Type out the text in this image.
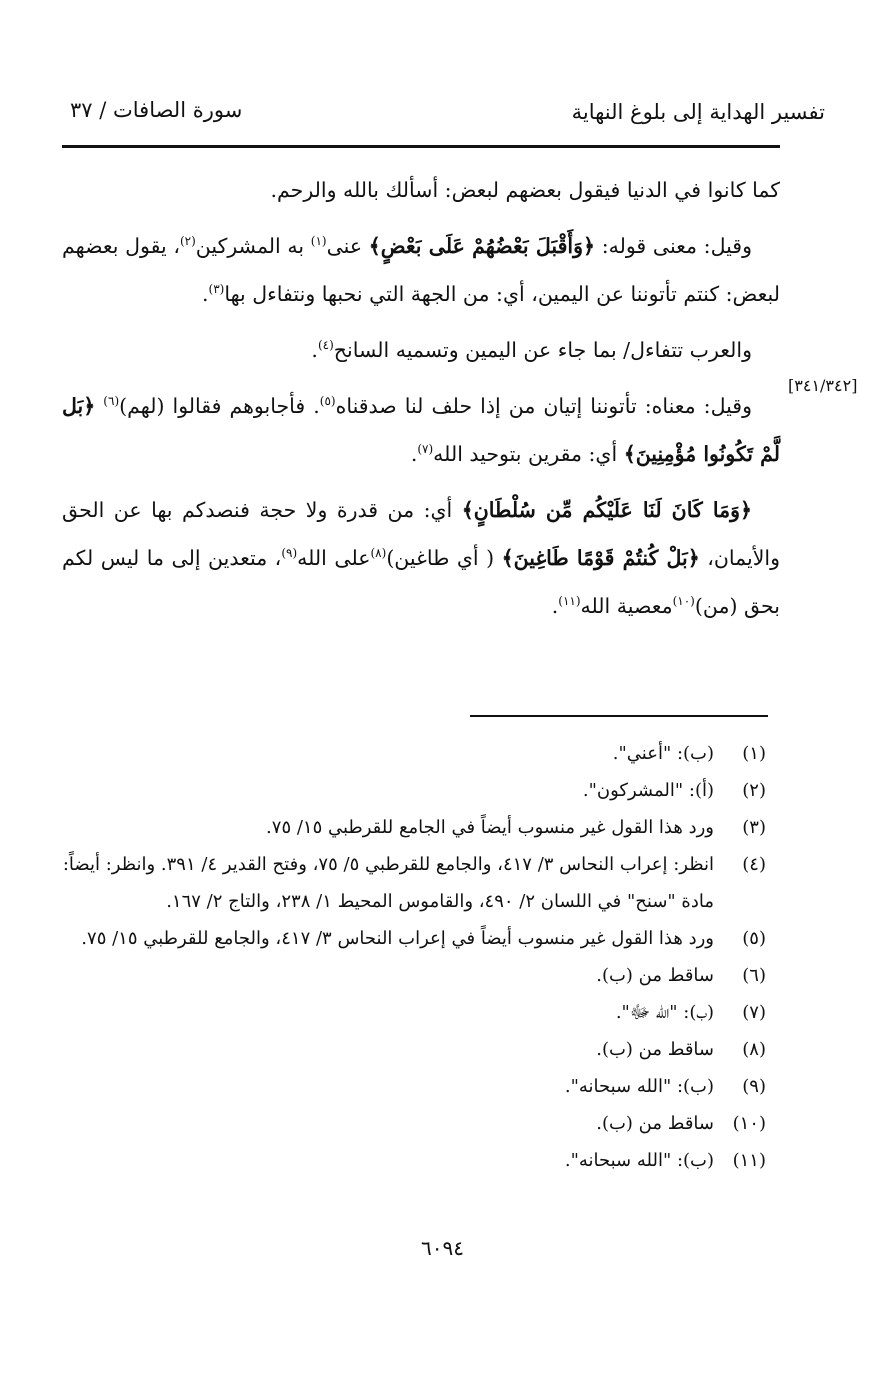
تفسير الهداية إلى بلوغ النهاية
سورة الصافات / ٣٧
[٣٤١/٣٤٢]

كما كانوا في الدنيا فيقول بعضهم لبعض: أسألك بالله والرحم.

وقيل: معنى قوله: ﴿وَأَقْبَلَ بَعْضُهُمْ عَلَى بَعْضٍ﴾ عنى$^{(١)}$ به المشركين$^{(٢)}$، يقول بعضهم لبعض: كنتم تأتوننا عن اليمين، أي: من الجهة التي نحبها ونتفاءل بها$^{(٣)}$.

والعرب تتفاءل/ بما جاء عن اليمين وتسميه السانح$^{(٤)}$.

وقيل: معناه: تأتوننا إتيان من إذا حلف لنا صدقناه$^{(٥)}$. فأجابوهم فقالوا (لهم)$^{(٦)}$ ﴿بَل لَّمْ تَكُونُوا مُؤْمِنِينَ﴾ أي: مقرين بتوحيد الله$^{(٧)}$.

﴿وَمَا كَانَ لَنَا عَلَيْكُم مِّن سُلْطَانٍ﴾ أي: من قدرة ولا حجة فنصدكم بها عن الحق والأيمان، ﴿بَلْ كُنتُمْ قَوْمًا طَاغِينَ﴾ ( أي طاغين)$^{(٨)}$على الله$^{(٩)}$، متعدين إلى ما ليس لكم بحق (من)$^{(١٠)}$معصية الله$^{(١١)}$.

(١)
(ب): "أعني".
(٢)
(أ): "المشركون".
(٣)
ورد هذا القول غير منسوب أيضاً في الجامع للقرطبي ١٥/ ٧٥.
(٤)
انظر: إعراب النحاس ٣/ ٤١٧، والجامع للقرطبي ٥/ ٧٥، وفتح القدير ٤/ ٣٩١. وانظر: أيضاً: مادة "سنح" في اللسان ٢/ ٤٩٠، والقاموس المحيط ١/ ٢٣٨، والتاج ٢/ ١٦٧.
(٥)
ورد هذا القول غير منسوب أيضاً في إعراب النحاس ٣/ ٤١٧، والجامع للقرطبي ١٥/ ٧٥.
(٦)
ساقط من (ب).
(٧)
(ب): "الله ﷻ".
(٨)
ساقط من (ب).
(٩)
(ب): "الله سبحانه".
(١٠)
ساقط من (ب).
(١١)
(ب): "الله سبحانه".
٦٠٩٤
